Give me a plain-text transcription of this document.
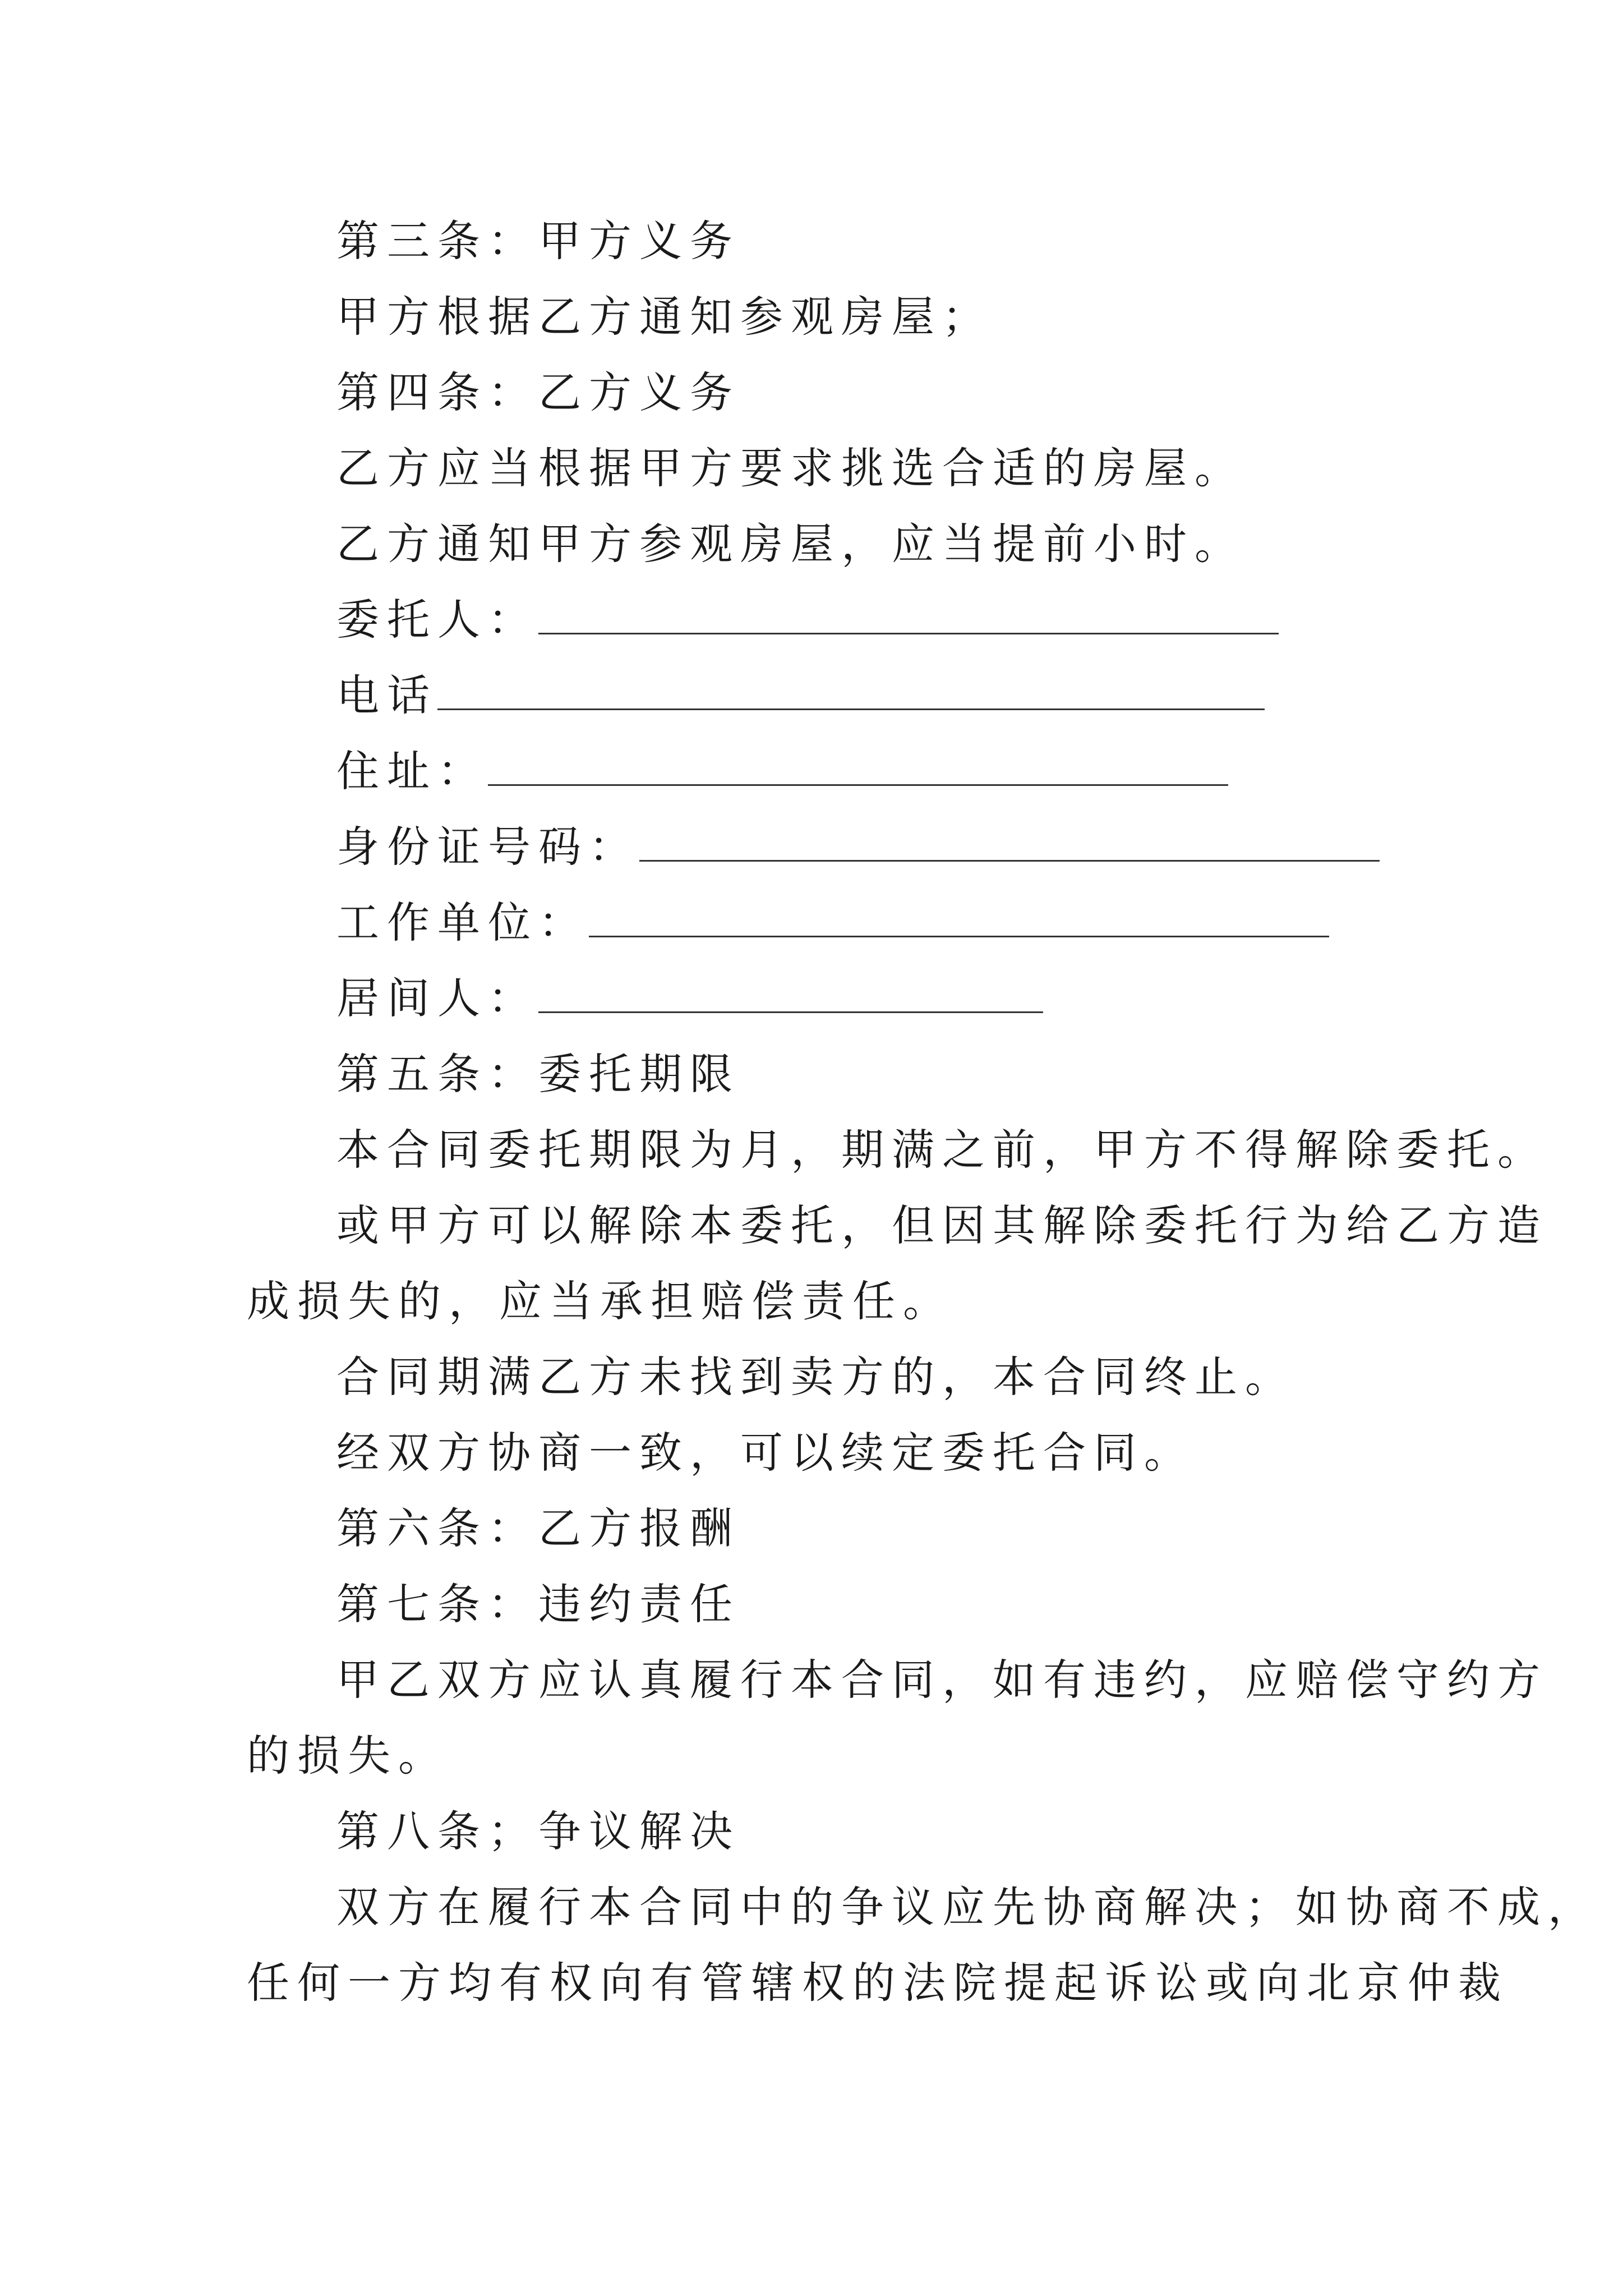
第三条：甲方义务
甲方根据乙方通知参观房屋；
第四条：乙方义务
乙方应当根据甲方要求挑选合适的房屋。
乙方通知甲方参观房屋，应当提前小时。
委托人：
电话
住址：
身份证号码：
工作单位：
居间人：
第五条：委托期限
本合同委托期限为月，期满之前，甲方不得解除委托。
或甲方可以解除本委托，但因其解除委托行为给乙方造
成损失的，应当承担赔偿责任。
合同期满乙方未找到卖方的，本合同终止。
经双方协商一致，可以续定委托合同。
第六条：乙方报酬
第七条：违约责任
甲乙双方应认真履行本合同，如有违约，应赔偿守约方
的损失。
第八条；争议解决
双方在履行本合同中的争议应先协商解决；如协商不成，
任何一方均有权向有管辖权的法院提起诉讼或向北京仲裁
